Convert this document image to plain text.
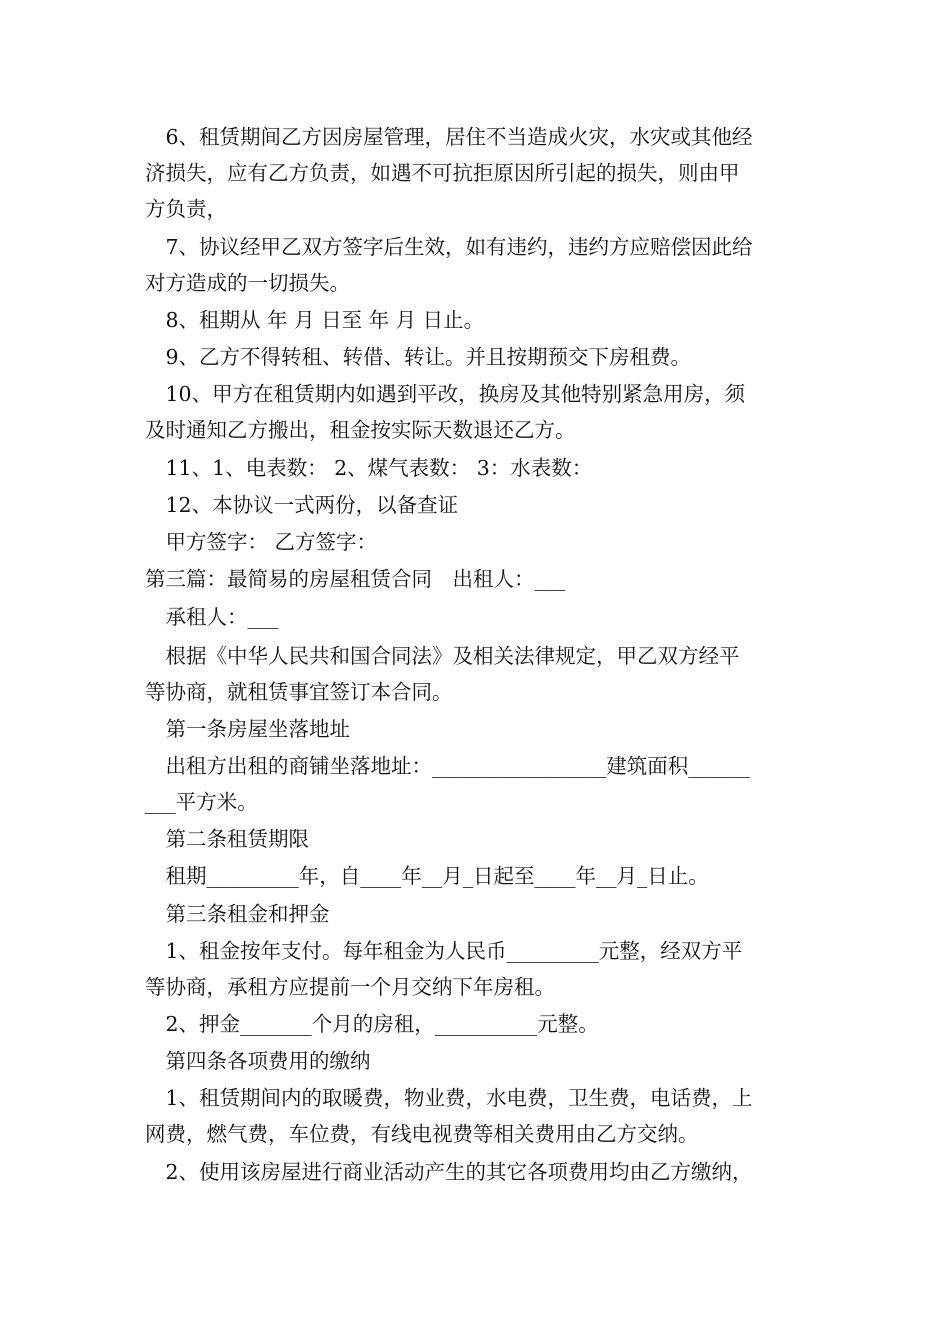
　6、租赁期间乙方因房屋管理，居住不当造成火灾，水灾或其他经
济损失，应有乙方负责，如遇不可抗拒原因所引起的损失，则由甲
方负责，

　7、协议经甲乙双方签字后生效，如有违约，违约方应赔偿因此给
对方造成的一切损失。

　8、租期从 年 月 日至 年 月 日止。

　9、乙方不得转租、转借、转让。并且按期预交下房租费。

　10、甲方在租赁期内如遇到平改，换房及其他特别紧急用房，须
及时通知乙方搬出，租金按实际天数退还乙方。

　11、1、电表数： 2、煤气表数： 3：水表数：

　12、本协议一式两份，以备查证

　甲方签字： 乙方签字：

第三篇：最简易的房屋租赁合同　出租人：___

　承租人：___

　根据《中华人民共和国合同法》及相关法律规定，甲乙双方经平
等协商，就租赁事宜签订本合同。

　第一条房屋坐落地址

　出租方出租的商铺坐落地址：_________________建筑面积______
___平方米。

　第二条租赁期限

　租期_________年，自____年__月_日起至____年__月_日止。

　第三条租金和押金

　1、租金按年支付。每年租金为人民币_________元整，经双方平
等协商，承租方应提前一个月交纳下年房租。

　2、押金_______个月的房租，__________元整。

　第四条各项费用的缴纳

　1、租赁期间内的取暖费，物业费，水电费，卫生费，电话费，上
网费，燃气费，车位费，有线电视费等相关费用由乙方交纳。

　2、使用该房屋进行商业活动产生的其它各项费用均由乙方缴纳，
